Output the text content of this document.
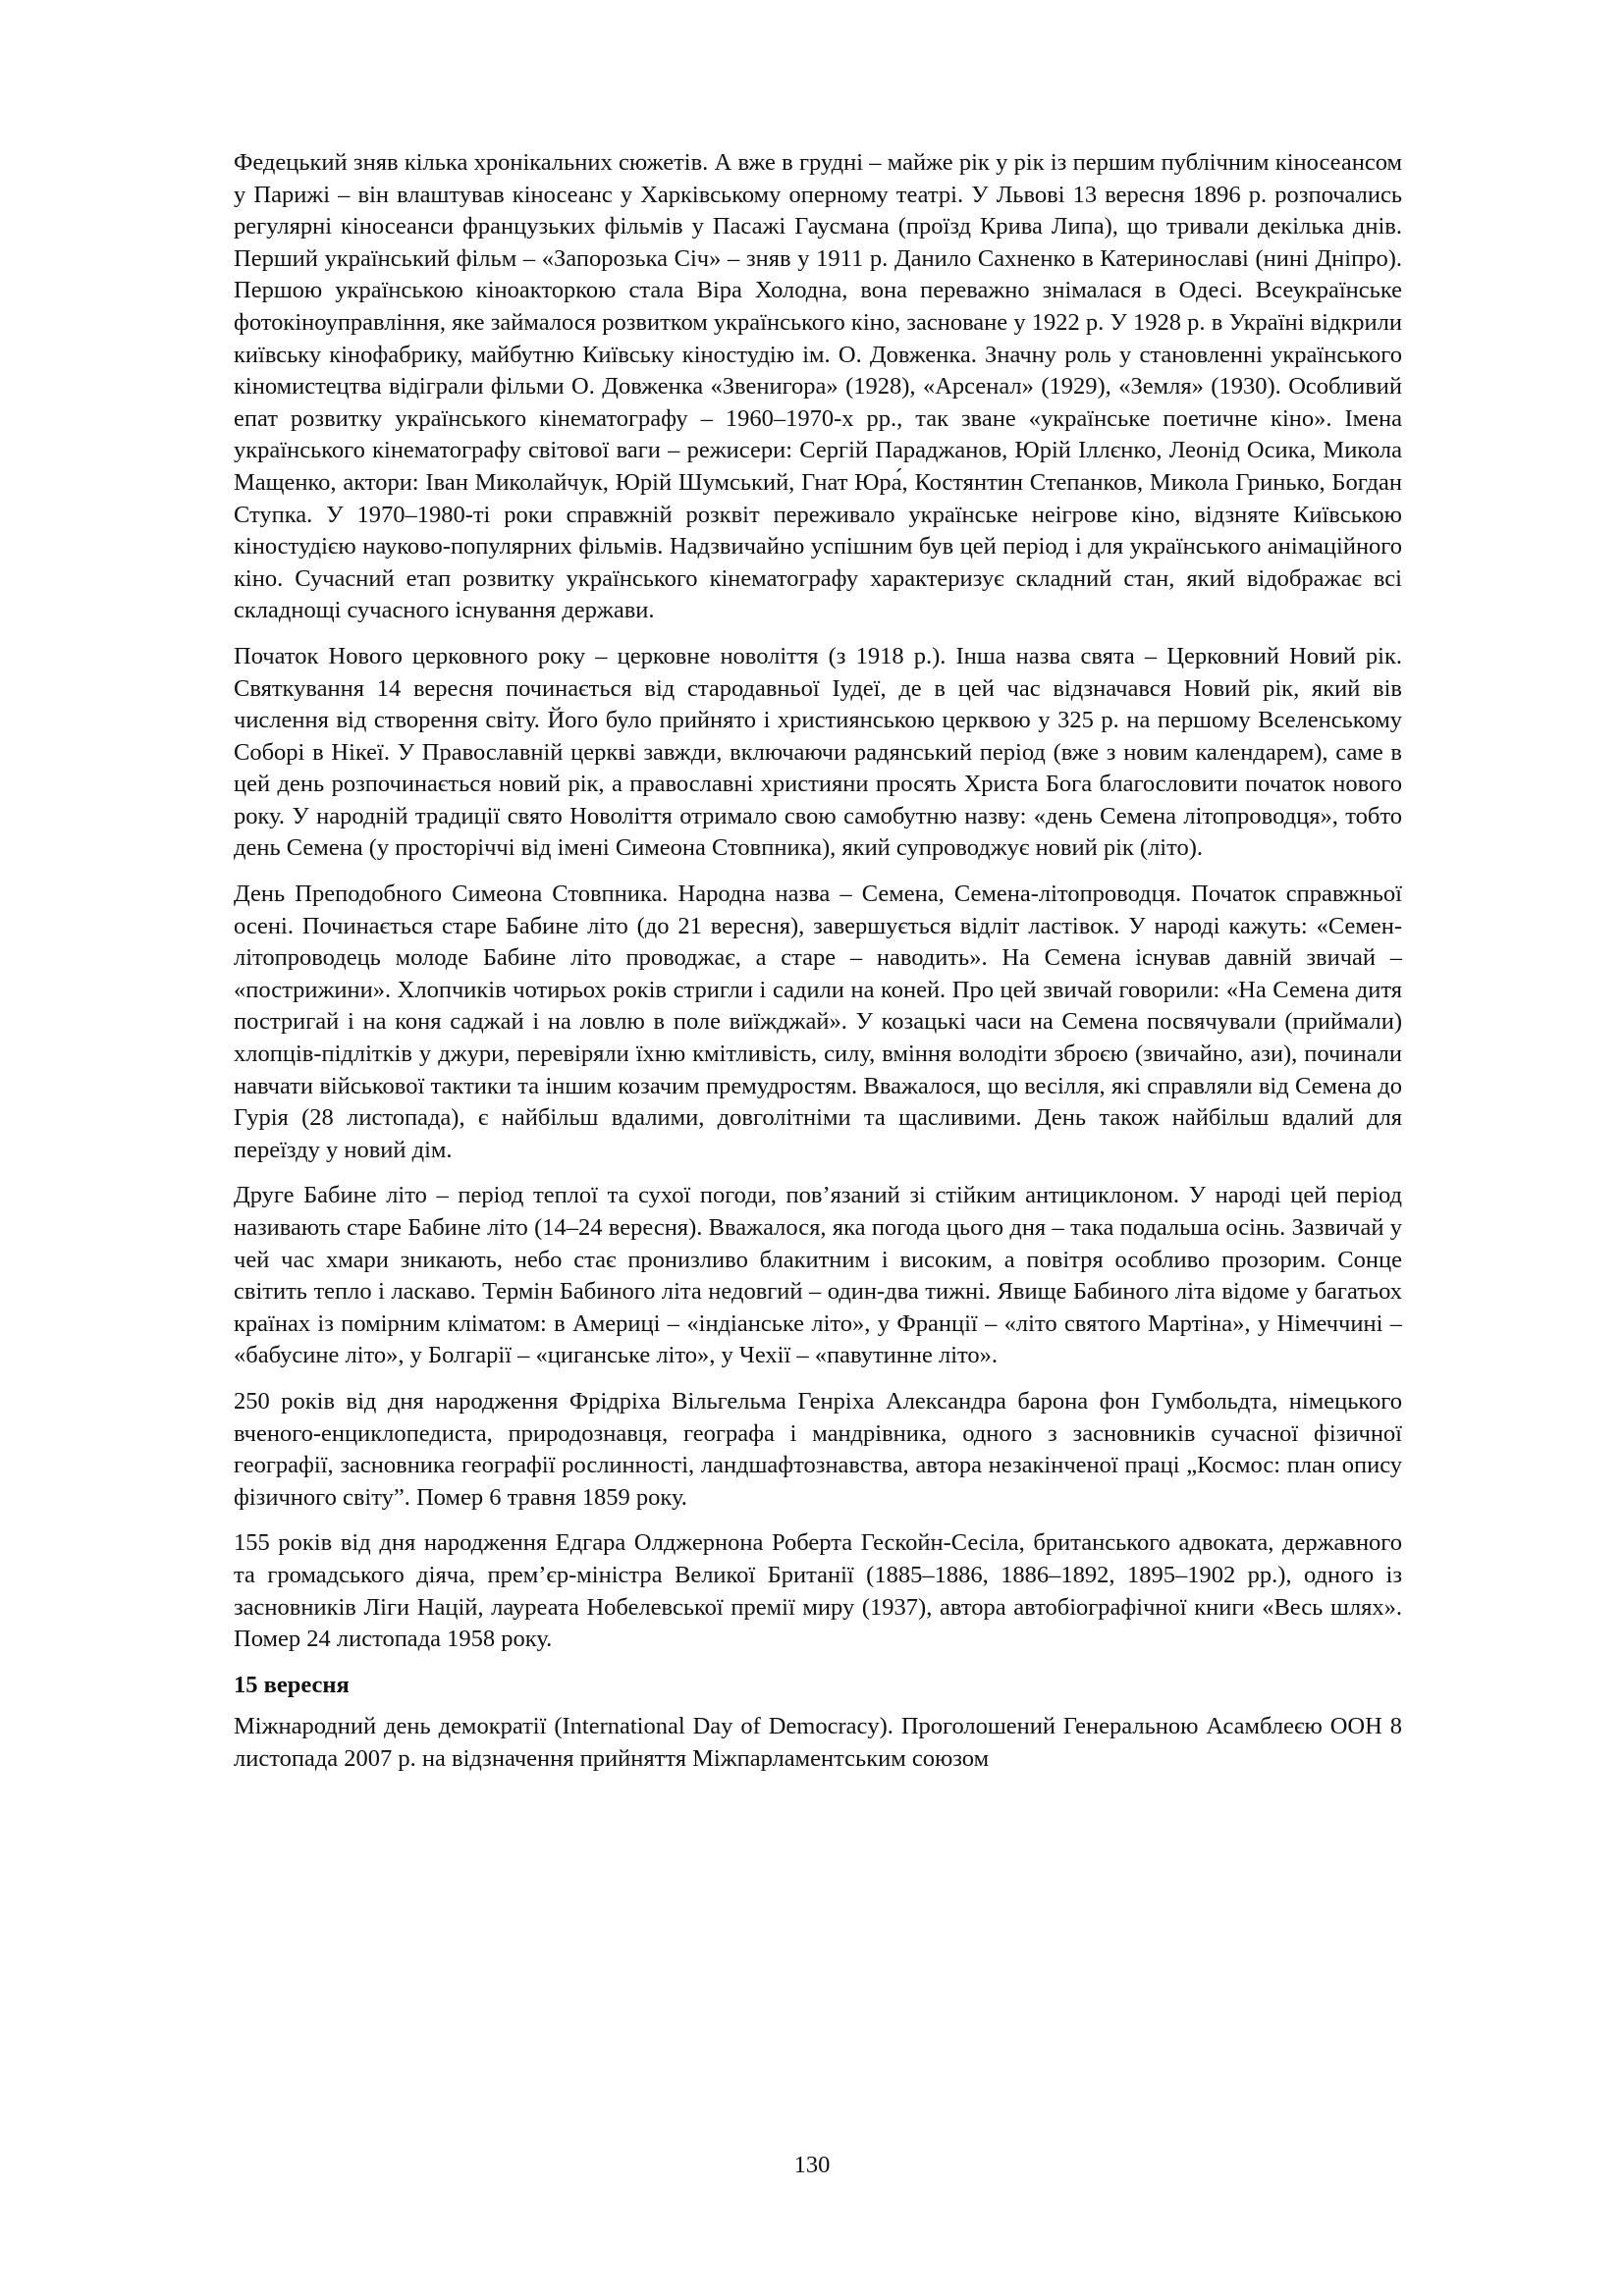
Федецький зняв кілька хронікальних сюжетів. А вже в грудні – майже рік у рік із першим публічним кіносеансом у Парижі – він влаштував кіносеанс у Харківському оперному театрі. У Львові 13 вересня 1896 р. розпочались регулярні кіносеанси французьких фільмів у Пасажі Гаусмана (проїзд Крива Липа), що тривали декілька днів. Перший український фільм – «Запорозька Січ» – зняв у 1911 р. Данило Сахненко в Катеринославі (нині Дніпро). Першою українською кіноакторкою стала Віра Холодна, вона переважно знімалася в Одесі. Всеукраїнське фотокіноуправління, яке займалося розвитком українського кіно, засноване у 1922 р. У 1928 р. в Україні відкрили київську кінофабрику, майбутню Київську кіностудію ім. О. Довженка. Значну роль у становленні українського кіномистецтва відіграли фільми О. Довженка «Звенигора» (1928), «Арсенал» (1929), «Земля» (1930). Особливий епат розвитку українського кінематографу – 1960–1970-х рр., так зване «українське поетичне кіно». Імена українського кінематографу світової ваги – режисери: Сергій Параджанов, Юрій Іллєнко, Леонід Осика, Микола Мащенко, актори: Іван Миколайчук, Юрій Шумський, Гнат Юра́, Костянтин Степанков, Микола Гринько, Богдан Ступка. У 1970–1980-ті роки справжній розквіт переживало українське неігрове кіно, відзняте Київською кіностудією науково-популярних фільмів. Надзвичайно успішним був цей період і для українського анімаційного кіно. Сучасний етап розвитку українського кінематографу характеризує складний стан, який відображає всі складнощі сучасного існування держави.

Початок Нового церковного року – церковне новоліття (з 1918 р.). Інша назва свята – Церковний Новий рік. Святкування 14 вересня починається від стародавньої Іудеї, де в цей час відзначався Новий рік, який вів числення від створення світу. Його було прийнято і християнською церквою у 325 р. на першому Вселенському Соборі в Нікеї. У Православній церкві завжди, включаючи радянський період (вже з новим календарем), саме в цей день розпочинається новий рік, а православні християни просять Христа Бога благословити початок нового року. У народній традиції свято Новоліття отримало свою самобутню назву: «день Семена літопроводця», тобто день Семена (у просторіччі від імені Симеона Стовпника), який супроводжує новий рік (літо).

День Преподобного Симеона Стовпника. Народна назва – Семена, Семена-літопроводця. Початок справжньої осені. Починається старе Бабине літо (до 21 вересня), завершується відліт ластівок. У народі кажуть: «Семен-літопроводець молоде Бабине літо проводжає, а старе – наводить». На Семена існував давній звичай – «пострижини». Хлопчиків чотирьох років стригли і садили на коней. Про цей звичай говорили: «На Семена дитя постригай і на коня саджай і на ловлю в поле виїжджай». У козацькі часи на Семена посвячували (приймали) хлопців-підлітків у джури, перевіряли їхню кмітливість, силу, вміння володіти зброєю (звичайно, ази), починали навчати військової тактики та іншим козачим премудростям. Вважалося, що весілля, які справляли від Семена до Гурія (28 листопада), є найбільш вдалими, довголітніми та щасливими. День також найбільш вдалий для переїзду у новий дім.

Друге Бабине літо – період теплої та сухої погоди, пов’язаний зі стійким антициклоном. У народі цей період називають старе Бабине літо (14–24 вересня). Вважалося, яка погода цього дня – така подальша осінь. Зазвичай у чей час хмари зникають, небо стає пронизливо блакитним і високим, а повітря особливо прозорим. Сонце світить тепло і ласкаво. Термін Бабиного літа недовгий – один-два тижні. Явище Бабиного літа відоме у багатьох країнах із помірним кліматом: в Америці – «індіанське літо», у Франції – «літо святого Мартіна», у Німеччині – «бабусине літо», у Болгарії – «циганське літо», у Чехії – «павутинне літо».

250 років від дня народження Фрідріха Вільгельма Генріха Александра барона фон Гумбольдта, німецького вченого-енциклопедиста, природознавця, географа і мандрівника, одного з засновників сучасної фізичної географії, засновника географії рослинності, ландшафтознавства, автора незакінченої праці „Космос: план опису фізичного світу”. Помер 6 травня 1859 року.

155 років від дня народження Едгара Олджернона Роберта Гескойн-Сесіла, британського адвоката, державного та громадського діяча, прем’єр-міністра Великої Британії (1885–1886, 1886–1892, 1895–1902 рр.), одного із засновників Ліги Націй, лауреата Нобелевської премії миру (1937), автора автобіографічної книги «Весь шлях». Помер 24 листопада 1958 року.

15 вересня

Міжнародний день демократії (International Day of Democracy). Проголошений Генеральною Асамблеєю ООН 8 листопада 2007 р. на відзначення прийняття Міжпарламентським союзом

130
